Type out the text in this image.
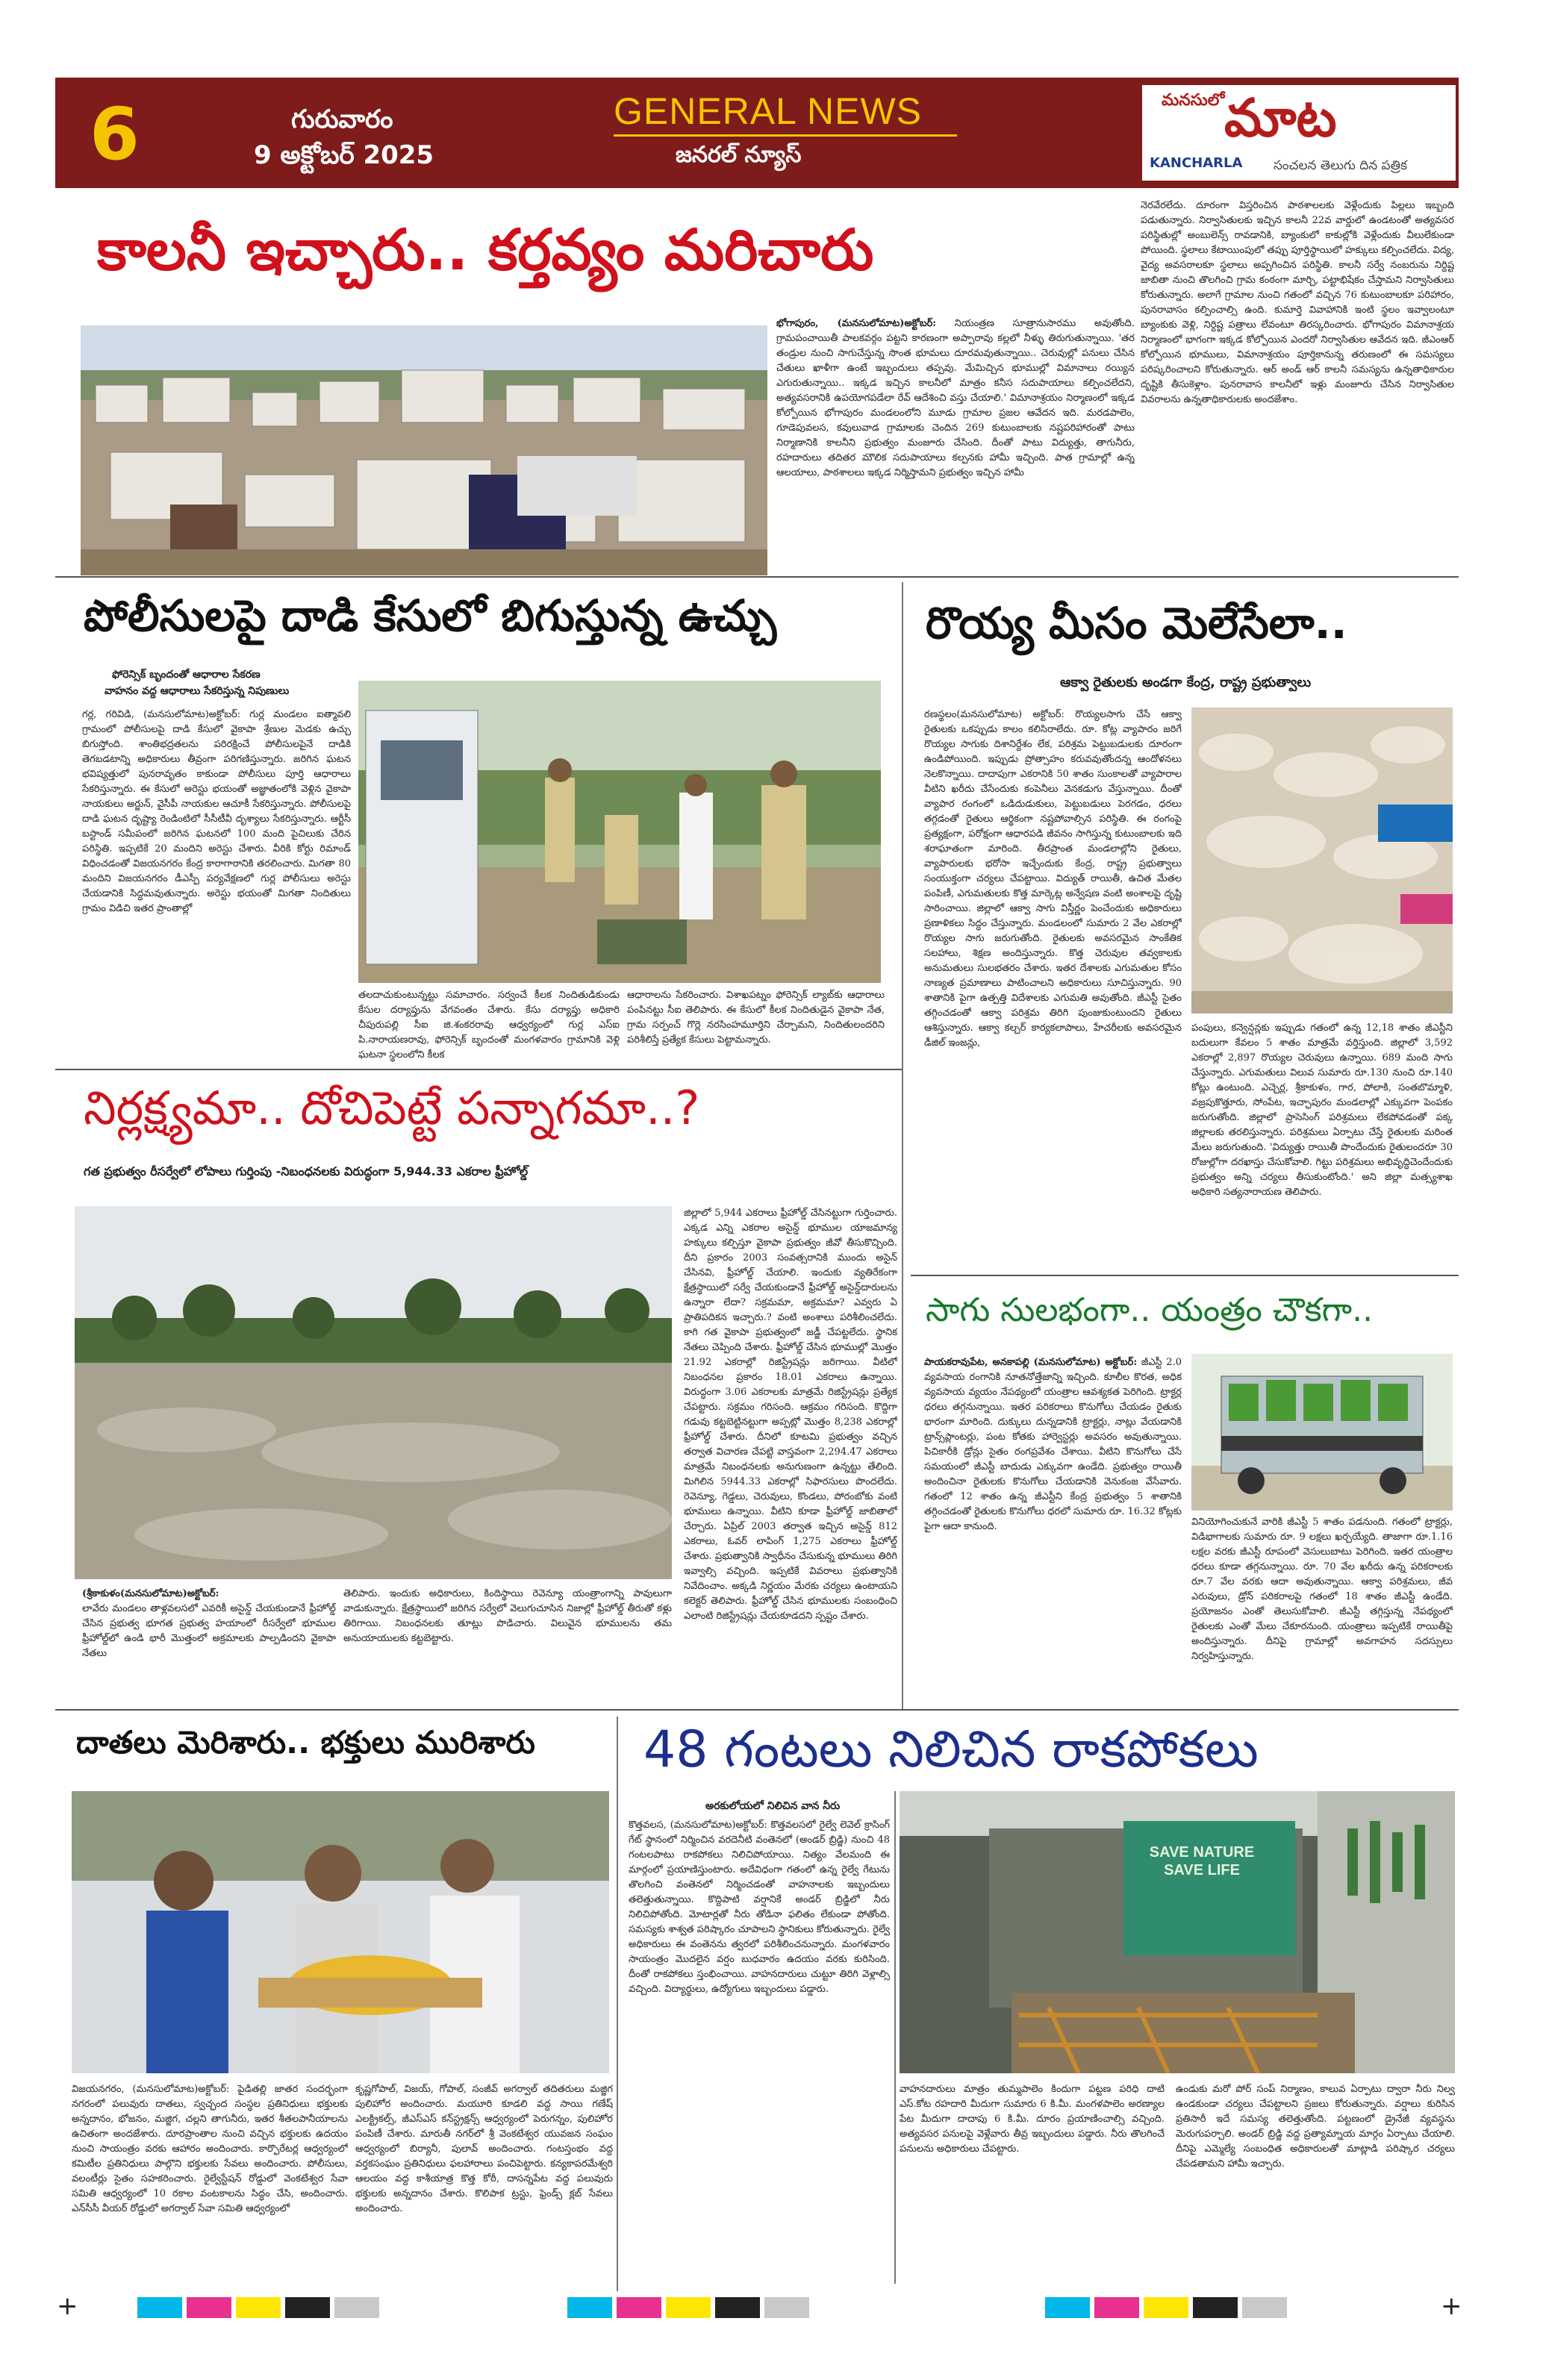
6	గురువారం
9 అక్టోబర్ 2025
GENERAL NEWS
జనరల్ న్యూస్
మనసులో మాట
KANCHARLA సంచలన తెలుగు దిన పత్రిక
కాలనీ ఇచ్చారు.. కర్తవ్యం మరిచారు
భోగాపురం, (మనసులోమాట)అక్టోబర్: నియంత్రణ సూత్రానుసారము అవుతోంది. గ్రామపంచాయితీ పాలకవర్గం పట్టని కారణంగా అప్పారావు కల్లలో నీళ్ళు తిరుగుతున్నాయి. 'తర తండ్రుల నుంచి సాగుచేస్తున్న సొంత భూమలు దూరమవుతున్నాయి.. చెరువుల్లో పనులు చేసిన చేతులు ఖాళీగా ఉంటే ఇబ్బందులు తప్పవు. మేమిచ్చిన భూముల్లో విమానాలు రయ్యిన ఎగురుతున్నాయి.. ఇక్కడ ఇచ్చిన కాలనీలో మాత్రం కనీస సదుపాయాలు కల్పించలేదని, అత్యవసరానికి ఉపయోగపడేలా రేవ్ ఆదేశించి వస్తు చేయాలి.' విమానాశ్రయం నిర్మాణంలో ఇక్కడ కోల్పోయిన భోగాపురం మండలంలోని మూడు గ్రామాల ప్రజల ఆవేదన ఇది. మరడపాలెం, గూడెపువలస, కవులువాడ గ్రామాలకు చెందిన 269 కుటుంబాలకు నష్టపరిహారంతో పాటు నిర్మాణానికి కాలనీని ప్రభుత్వం మంజూరు చేసింది. దీంతో పాటు విద్యుత్తు, తాగునీరు, రహదారులు తదితర మౌలిక సదుపాయాలు కల్పనకు హామీ ఇచ్చింది. పాత గ్రామాల్లో ఉన్న ఆలయాలు, పాఠశాలలు ఇక్కడ నిర్మిస్తామని ప్రభుత్వం ఇచ్చిన హామీ
నెరవేరలేదు. దూరంగా విస్తరించిన పాఠశాలలకు వెళ్లేందుకు పిల్లలు ఇబ్బంది పడుతున్నారు. నిర్వాసితులకు ఇచ్చిన కాలనీ 22వ వార్డులో ఉండటంతో అత్యవసర పరిస్థితుల్లో అంబులెన్స్ రావడానికి, బ్యాంకులో కాకుల్లోకి వెళ్లేందుకు వీలులేకుండా పోయింది. స్థలాలు కేటాయింపులో తప్పు పూర్తిస్థాయిలో హక్కులు కల్పించలేదు. విద్య, వైద్య అవసరాలకూ స్థలాలు అప్పగించిన పరిస్థితి. కాలనీ సర్వే నంబరును నిర్దిష్ట జాబితా నుంచి తొలగించి గ్రామ కంఠంగా మార్చి, పట్టాభిషేకం చేస్తామని నిర్వాసితులు కోరుతున్నారు. అలాగే గ్రామాల నుంచి గతంలో వచ్చిన 76 కుటుంబాలకూ పరిహారం, పునరావాసం కల్పించాల్సి ఉంది. కుమార్తె వివాహానికి ఇంటి స్థలం ఇవ్వాలంటూ బ్యాంకుకు వెళ్లి, నిర్దిష్ట పత్రాలు లేవంటూ తిరస్కరించారు. భోగాపురం విమానాశ్రయ నిర్మాణంలో భాగంగా ఇక్కడ కోల్పోయిన ఎందరో నిర్వాసితుల ఆవేదన ఇది. జీఎంఆర్ కోల్పోయిన భూములు, విమానాశ్రయం పూర్తికానున్న తరుణంలో ఈ సమస్యలు పరిష్కరించాలని కోరుతున్నారు. ఆర్ అండ్ ఆర్ కాలనీ సమస్యను ఉన్నతాధికారుల దృష్టికి తీసుకెళ్లాం. పునరావాస కాలనీలో ఇళ్లు మంజూరు చేసిన నిర్వాసితుల వివరాలను ఉన్నతాధికారులకు అందజేశాం.
పోలీసులపై దాడి కేసులో బిగుస్తున్న ఉచ్చు
ఫోరెన్సిక్ బృందంతో ఆధారాల సేకరణ
వాహనం వద్ద ఆధారాలు సేకరిస్తున్న నిపుణులు
గర్ల, గరివిడి, (మనసులోమాట)అక్టోబర్: గుర్ల మండలం ఐత్మావలి గ్రామంలో పోలీసులపై దాడి కేసులో వైకాపా శ్రేణుల మెడకు ఉచ్చు బిగుస్తోంది. శాంతిభద్రతలను పరిరక్షించే పోలీసులపైనే దాడికి తెగబడటాన్ని అధికారులు తీవ్రంగా పరిగణిస్తున్నారు. జరిగిన ఘటన భవిష్యత్తులో పునరావృతం కాకుండా పోలీసులు పూర్తి ఆధారాలు సేకరిస్తున్నారు. ఈ కేసులో అరెస్టు భయంతో అజ్ఞాతంలోకి వెళ్లిన వైకాపా నాయకులు అర్జున్, వైసీపీ నాయకుల ఆచూకీ సేకరిస్తున్నారు. పోలీసులపై దాడి ఘటన దృష్ట్యా రెండింటిలో సీసీటీవీ దృశ్యాలు సేకరిస్తున్నారు. ఆర్టీసీ బస్టాండ్‌ సమీపంలో జరిగిన ఘటనలో 100 మంది పైచిలుకు చేరిన పరిస్థితి. ఇప్పటికే 20 మందిని అరెస్టు చేశారు. వీరికి కోర్టు రిమాండ్ విధించడంతో విజయనగరం కేంద్ర కారాగారానికి తరలించారు. మిగతా 80 మందిని విజయనగరం డీఎస్పీ పర్యవేక్షణలో గుర్ల పోలీసులు అరెస్టు చేయడానికి సిద్ధమవుతున్నారు. అరెస్టు భయంతో మిగతా నిందితులు గ్రామం విడిచి ఇతర ప్రాంతాల్లో
తలదాచుకుంటున్నట్టు సమాచారం. సర్వంచే కీలక నిందితుడికుండు కేసుల దర్యాప్తును వేగవంతం చేశారు. కేసు దర్యాప్తు అధికారి చీపురుపల్లి సీఐ జి.శంకరరావు ఆధ్వర్యంలో గుర్ల ఎస్ఐ పి.నారాయణరావు, ఫోరెన్సిక్ బృందంతో మంగళవారం గ్రామానికి వెళ్లి ఘటనా స్థలంలోని కీలక
ఆధారాలను సేకరించారు. విశాఖపట్నం ఫోరెన్సిక్ ల్యాబ్‌కు ఆధారాలు పంపినట్టు సీఐ తెలిపారు. ఈ కేసులో కీలక నిందితుడైన వైకాపా నేత, గ్రామ సర్పంచ్ గొర్లె నరసింహమూర్తిని చేర్చామని, నిందితులందరిని పరిశీలిస్తే ప్రత్యేక కేసులు పెట్టామన్నారు.
రొయ్య మీసం మెలేసేలా..
ఆక్వా రైతులకు అండగా కేంద్ర, రాష్ట్ర ప్రభుత్వాలు
రణస్థలం(మనసులోమాట) అక్టోబర్: రొయ్యలసాగు చేసే ఆక్వా రైతులకు ఒకప్పుడు కాలం కలిసిరాలేదు. రూ. కోట్ల వ్యాపారం జరిగే రొయ్యల సాగుకు దిశానిర్దేశం లేక, పరిశ్రమ పెట్టుబడులకు దూరంగా ఉండిపోయింది. ఇప్పుడు ప్రోత్సాహం కరువవుతోందన్న ఆందోళనలు నెలకొన్నాయి. దాదాపుగా ఎకరానికి 50 శాతం సుంకాలతో వ్యాపారాల వీటిని ఖరీదు చేసేందుకు కంపెనీలు వెనకడుగు వేస్తున్నాయి. దీంతో వ్యాపార రంగంలో ఒడిదుడుకులు, పెట్టుబడులు పెరగడం, ధరలు తగ్గడంతో రైతులు ఆర్థికంగా నష్టపోవాల్సిన పరిస్థితి. ఈ రంగంపై ప్రత్యక్షంగా, పరోక్షంగా ఆధారపడి జీవనం సాగిస్తున్న కుటుంబాలకు ఇది శరాఘాతంగా మారింది. తీరప్రాంత మండలాల్లోని రైతులు, వ్యాపారులకు భరోసా ఇచ్చేందుకు కేంద్ర, రాష్ట్ర ప్రభుత్వాలు సంయుక్తంగా చర్యలు చేపట్టాయి. విద్యుత్ రాయితీ, ఉచిత మేతల పంపిణీ, ఎగుమతులకు కొత్త మార్కెట్ల అన్వేషణ వంటి అంశాలపై దృష్టి సారించాయి. జిల్లాలో ఆక్వా సాగు విస్తీర్ణం పెంచేందుకు అధికారులు ప్రణాళికలు సిద్ధం చేస్తున్నారు. మండలంలో సుమారు 2 వేల ఎకరాల్లో రొయ్యల సాగు జరుగుతోంది. రైతులకు అవసరమైన సాంకేతిక సలహాలు, శిక్షణ అందిస్తున్నారు. కొత్త చెరువుల తవ్వకాలకు అనుమతులు సులభతరం చేశారు. ఇతర దేశాలకు ఎగుమతుల కోసం నాణ్యత ప్రమాణాలు పాటించాలని అధికారులు సూచిస్తున్నారు. 90 శాతానికి పైగా ఉత్పత్తి విదేశాలకు ఎగుమతి అవుతోంది. జీఎస్టీ సైతం తగ్గించడంతో ఆక్వా పరిశ్రమ తిరిగి పుంజుకుంటుందని రైతులు ఆశిస్తున్నారు. ఆక్వా కల్చర్ కార్యకలాపాలు, హేచరీలకు అవసరమైన డీజిల్ ఇంజన్లు,
పంపులు, కన్వెన్షన్లకు ఇప్పుడు గతంలో ఉన్న 12,18 శాతం జీఎస్టీని బదులుగా కేవలం 5 శాతం మాత్రమే వర్తిస్తుంది. జిల్లాలో 3,592 ఎకరాల్లో 2,897 రొయ్యల చెరువులు ఉన్నాయి. 689 మంది సాగు చేస్తున్నారు. ఎగుమతులు విలువ సుమారు రూ.130 నుంచి రూ.140 కోట్లు ఉంటుంది. ఎచ్చెర్ల, శ్రీకాకుళం, గార, పోలాకి, సంతబొమ్మాళి, వజ్రపుకొత్తూరు, సోంపేట, ఇచ్ఛాపురం మండలాల్లో ఎక్కువగా పెంపకం జరుగుతోంది. జిల్లాలో ప్రాసెసింగ్ పరిశ్రమలు లేకపోవడంతో పక్క జిల్లాలకు తరలిస్తున్నారు. పరిశ్రమలు ఏర్పాటు చేస్తే రైతులకు మరింత మేలు జరుగుతుంది. 'విద్యుత్తు రాయితీ పొందేందుకు రైతులందరూ 30 రోజుల్లోగా దరఖాస్తు చేసుకోవాలి. గిట్టు పరిశ్రమలు అభివృద్ధిచెందేందుకు ప్రభుత్వం అన్ని చర్యలు తీసుకుంటోంది.' అని జిల్లా మత్స్యశాఖ అధికారి సత్యనారాయణ తెలిపారు.
నిర్లక్ష్యమా.. దోచిపెట్టే పన్నాగమా..?
గత ప్రభుత్వం రీసర్వేలో లోపాలు గుర్తింపు -నిబంధనలకు విరుద్ధంగా 5,944.33 ఎకరాల ఫ్రీహోల్డ్
(శ్రీకాకుళం(మనసులోమాట)అక్టోబర్:
లావేరు మండలం తాళ్లవలసలో ఎవరికీ అసైన్డ్ చేయకుండానే ఫ్రీహోల్డ్ చేసిన ప్రభుత్వ భూగత ప్రభుత్వ హయాంలో రీసర్వేలో భూముల ఫ్రీహోల్డ్‌లో ఉండి భారీ మొత్తంలో అక్రమాలకు పాల్పడిందని వైకాపా నేతలు
తెలిపారు. ఇందుకు అధికారులు, కిందిస్థాయి రెవెన్యూ యంత్రాంగాన్ని పావులుగా వాడుకున్నారు. క్షేత్రస్థాయిలో జరిగిన సర్వేలో వెలుగుచూసిన నిజాల్లో ఫ్రీహోల్డ్ తీరుతో కళ్లు తిరిగాయి. నిబంధనలకు తూట్లు పొడిచారు. విలువైన భూములను తమ అనుయాయులకు కట్టబెట్టారు.
జిల్లాలో 5,944 ఎకరాలు ఫ్రీహోల్డ్ చేసినట్టుగా గుర్తించారు. ఎక్కడ ఎన్ని ఎకరాల అసైన్డ్ భూముల యాజమాన్య హక్కులు కల్పిస్తూ వైకాపా ప్రభుత్వం జీవో తీసుకొచ్చింది. దీని ప్రకారం 2003 సంవత్సరానికి ముందు అసైన్ చేసినవి, ఫ్రీహోల్డ్ చేయాలి. ఇందుకు వ్యతిరేకంగా క్షేత్రస్థాయిలో సర్వే చేయకుండానే ఫ్రీహోల్డ్ అసైన్డ్‌దారులను ఉన్నారా లేదా? సక్రమమా, అక్రమమా? ఎవ్వరు ఏ ప్రాతిపదికన ఇచ్చారు.? వంటి అంశాలు పరిశీలించలేదు. కాగి గత వైకాపా ప్రభుత్వంలో జడ్జీ చేపట్టలేదు. స్థానిక నేతలు చెప్పింది చేశారు. ఫ్రీహోల్డ్ చేసిన భూముల్లో మొత్తం 21.92 ఎకరాల్లో రిజిస్ట్రేషన్లు జరిగాయి. వీటిలో నిబంధనల ప్రకారం 18.01 ఎకరాలు ఉన్నాయి. విరుద్ధంగా 3.06 ఎకరాలకు మాత్రమే రిజిస్ట్రేషన్లు ప్రత్యేక చేపట్టారు. సక్రమం గరిసంది. ఆక్రమం గరిసంది. కొద్దిగా గడువు కట్టబెట్టినట్టుగా అప్పట్లో మొత్తం 8,238 ఎకరాల్లో ఫ్రీహోల్డ్ చేశారు. దీనిలో కూటమి ప్రభుత్వం వచ్చిన తర్వాత విచారణ చేపట్టి వాస్తవంగా 2,294.47 ఎకరాలు మాత్రమే నిబంధనలకు అనుగుణంగా ఉన్నట్టు తేలింది. మిగిలిన 5944.33 ఎకరాల్లో సిఫారసులు పొందలేదు. రెవెన్యూ, గెడ్డలు, చెరువులు, కొండలు, పోరంబోకు వంటి భూములు ఉన్నాయి. వీటిని కూడా ఫ్రీహోల్డ్ జాబితాలో చేర్చారు. ఏప్రిల్ 2003 తర్వాత ఇచ్చిన అసైన్డ్ 812 ఎకరాలు, ఓవర్ లాపింగ్ 1,275 ఎకరాలు ఫ్రీహోల్డ్ చేశారు. ప్రభుత్వానికి స్వాధీనం చేసుకున్న భూములు తిరిగి ఇవ్వాల్సి వచ్చింది. ఇప్పటికే వివరాలు ప్రభుత్వానికి నివేదించాం. అక్కడి నిర్ణయం మేరకు చర్యలు ఉంటాయని కలెక్టర్ తెలిపారు. ఫ్రీహోల్డ్ చేసిన భూములకు సంబంధించి ఎలాంటి రిజిస్ట్రేషన్లు చేయకూడదని స్పష్టం చేశారు.
సాగు సులభంగా.. యంత్రం చౌకగా..
పాయకరావుపేట, అనకాపల్లి (మనసులోమాట) అక్టోబర్: జీఎస్టీ 2.0 వ్యవసాయ రంగానికి నూతనోత్తేజాన్ని ఇచ్చింది. కూలీల కొరత, అధిక వ్యవసాయ వ్యయం నేపథ్యంలో యంత్రాల ఆవశ్యకత పెరిగింది. ట్రాక్టర్ల ధరలు తగ్గనున్నాయి. ఇతర పరికరాలు కొనుగోలు చేయడం రైతుకు భారంగా మారింది. దుక్కులు దున్నడానికి ట్రాక్టర్లు, నాట్లు వేయడానికి ట్రాన్స్‌ప్లాంటర్లు, పంట కోతకు హార్వెస్టర్లు అవసరం అవుతున్నాయి. పిచికారీకి డ్రోన్లు సైతం రంగప్రవేశం చేశాయి. వీటిని కొనుగోలు చేసే సమయంలో జీఎస్టీ బాదుడు ఎక్కువగా ఉండేది. ప్రభుత్వం రాయితీ అందించినా రైతులకు కొనుగోలు చేయడానికి వెనుకంజ వేసేవారు. గతంలో 12 శాతం ఉన్న జీఎస్టీని కేంద్ర ప్రభుత్వం 5 శాతానికి తగ్గించడంతో రైతులకు కొనుగోలు ధరలో సుమారు రూ. 16.32 కోట్లకు పైగా ఆదా కానుంది.	వినియోగించుకునే వారికి జీఎస్టీ 5 శాతం పడనుంది. గతంలో ట్రాక్టర్లు, విడిభాగాలకు సుమారు రూ. 9 లక్షలు ఖర్చయ్యేది. తాజాగా రూ.1.16 లక్షల వరకు జీఎస్టీ రూపంలో వెసులుబాటు పెరిగింది. ఇతర యంత్రాల ధరలు కూడా తగ్గనున్నాయి. రూ. 70 వేల ఖరీదు ఉన్న పరికరాలకు రూ.7 వేల వరకు ఆదా అవుతున్నాయి. ఆక్వా పరిశ్రమలు, జీవ ఎరువులు, డ్రోన్ పరికరాలపై గతంలో 18 శాతం జీఎస్టీ ఉండేది. ప్రయోజనం ఎంతో తెలుసుకోవాలి. జీఎస్టీ తగ్గిస్తున్న నేపథ్యంలో రైతులకు ఎంతో మేలు చేకూరనుంది. యంత్రాలు ఇప్పటికే రాయితీపై అందిస్తున్నారు. దీనిపై గ్రామాల్లో అవగాహన సదస్సులు నిర్వహిస్తున్నారు.
దాతలు మెరిశారు.. భక్తులు మురిశారు
విజయనగరం, (మనసులోమాట)అక్టోబర్: పైడితల్లి జాతర సందర్భంగా నగరంలో పలువురు దాతలు, స్వచ్ఛంద సంస్థల ప్రతినిధులు భక్తులకు అన్నదానం, భోజనం, మజ్జిగ, చల్లని తాగునీరు, ఇతర శీతలపానీయాలను ఉచితంగా అందజేశారు. దూరప్రాంతాల నుంచి వచ్చిన భక్తులకు ఉదయం నుంచి సాయంత్రం వరకు ఆహారం అందించారు. కార్పొరేటర్ల ఆధ్వర్యంలో కమిటీల ప్రతినిధులు పాల్గొని భక్తులకు సేవలు అందించారు. పోలీసులు, వలంటీర్లు సైతం సహకరించారు. రైల్వేస్టేషన్ రోడ్డులో వెంకటేశ్వర సేవా సమితి ఆధ్వర్యంలో 10 రకాల వంటకాలను సిద్ధం చేసి, అందించారు. ఎన్‌సీసీ వీయర్ రోడ్డులో అగర్వాల్ సేవా సమితి ఆధ్వర్యంలో
కృష్ణగోపాల్, విజయ్, గోపాల్, సంజీవ్ అగర్వాల్ తదితరులు మజ్జిగ పులిహోర అందించారు. మయూరి కూడలి వద్ద సాయి గణేష్ ఎలక్ట్రికల్స్, జీఎస్ఎస్ కన్‌స్ట్రక్షన్స్ ఆధ్వర్యంలో పెరుగన్నం, పులిహోర పంపిణీ చేశారు. మారుతీ నగర్‌లో శ్రీ వెంకటేశ్వర యువజన సంఘం ఆధ్వర్యంలో బిర్యానీ, పులావ్ అందించారు. గంటస్తంభం వద్ద వర్తకసంఘం ప్రతినిధులు ఫలహారాలు పంచిపెట్టారు. కన్యకాపరమేశ్వరి ఆలయం వద్ద కాశీయాత్ర కొత్త కోఠీ, దాసన్నపేట వద్ద పలువురు భక్తులకు అన్నదానం చేశారు. కొలిపాక ట్రస్టు, ఫ్రెండ్స్ క్లబ్ సేవలు అందించారు.
48 గంటలు నిలిచిన రాకపోకలు
అరకులోయలో నిలిచిన వాన నీరు
కొత్తవలస, (మనసులోమాట)అక్టోబర్: కొత్తవలసలో రైల్వే లెవెల్ క్రాసింగ్ గేట్ స్థానంలో నిర్మించిన వరదెనీటి వంతెనలో (అండర్ బ్రిడ్జి) నుంచి 48 గంటలపాటు రాకపోకలు నిలిచిపోయాయి. నిత్యం వేలమంది ఈ మార్గంలో ప్రయాణిస్తుంటారు. అదేవిధంగా గతంలో ఉన్న రైల్వే గేటును తొలగించి వంతెనలో నిర్మించడంతో వాహనాలకు ఇబ్బందులు తలెత్తుతున్నాయి. కొద్దిపాటి వర్షానికే అండర్ బ్రిడ్జిలో నీరు నిలిచిపోతోంది. మోటార్లతో నీరు తోడినా ఫలితం లేకుండా పోతోంది. సమస్యకు శాశ్వత పరిష్కారం చూపాలని స్థానికులు కోరుతున్నారు. రైల్వే అధికారులు ఈ వంతెనను త్వరలో పరిశీలించనున్నారు. మంగళవారం సాయంత్రం మొదలైన వర్షం బుధవారం ఉదయం వరకు కురిసింది. దీంతో రాకపోకలు స్తంభించాయి. వాహనదారులు చుట్టూ తిరిగి వెళ్లాల్సి వచ్చింది. విద్యార్థులు, ఉద్యోగులు ఇబ్బందులు పడ్డారు.
SAVE NATURE SAVE LIFE
వాహనదారులు మాత్రం తుమ్మపాలెం కిందుగా పట్టణ పరిధి దాటి ఎస్.కోట రహదారి మీదుగా సుమారు 6 కి.మీ. మంగళపాలెం అరణ్యాల పేట మీదుగా దాదాపు 6 కి.మీ. దూరం ప్రయాణించాల్సి వచ్చింది. అత్యవసర పనులపై వెళ్లేవారు తీవ్ర ఇబ్బందులు పడ్డారు. నీరు తొలగించే పనులను అధికారులు చేపట్టారు.
ఉండుకు మరో పోర్ సంప్ నిర్మాణం, కాలువ ఏర్పాటు ద్వారా నీరు నిల్వ ఉండకుండా చర్యలు చేపట్టాలని ప్రజలు కోరుతున్నారు. వర్షాలు కురిసిన ప్రతిసారీ ఇదే సమస్య తలెత్తుతోంది. పట్టణంలో డ్రైనేజీ వ్యవస్థను మెరుగుపర్చాలి. అండర్ బ్రిడ్జి వద్ద ప్రత్యామ్నాయ మార్గం ఏర్పాటు చేయాలి. దీనిపై ఎమ్మెల్యే సంబంధిత అధికారులతో మాట్లాడి పరిష్కార చర్యలు చేపడతామని హామీ ఇచ్చారు.
+	+
